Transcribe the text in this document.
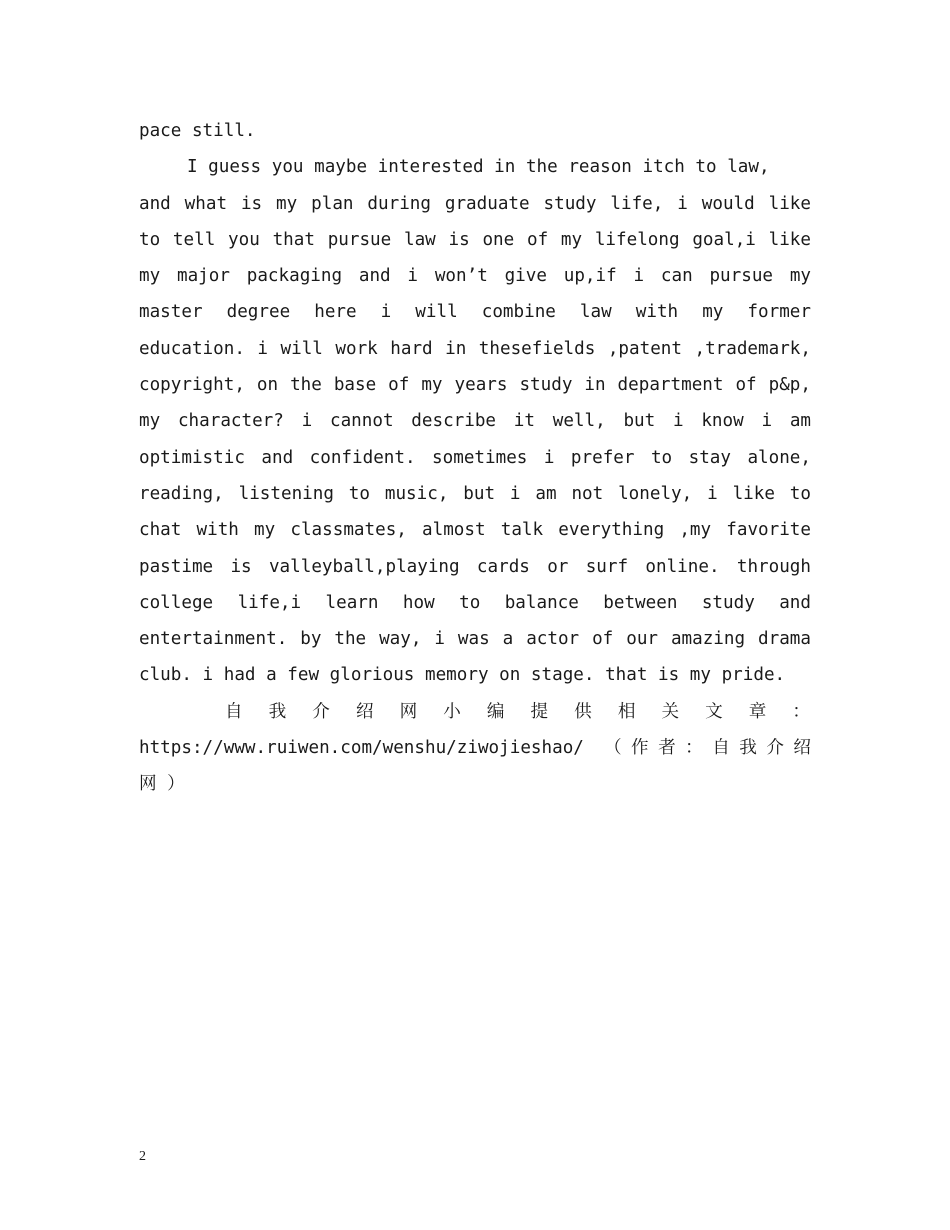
pace still.
I guess you maybe interested in the reason itch to law,
and what is my plan during graduate study life, i would like
to tell you that pursue law is one of my lifelong goal,i like
my major packaging and i won’t give up,if i can pursue my
master degree here i will combine law with my former
education. i will work hard in thesefields ,patent ,trademark,
copyright, on the base of my years study in department of p&p,
my character? i cannot describe it well, but i know i am
optimistic and confident. sometimes i prefer to stay alone,
reading, listening to music, but i am not lonely, i like to
chat with my classmates, almost talk everything ,my favorite
pastime is valleyball,playing cards or surf online. through
college life,i learn how to balance between study and
entertainment. by the way, i was a actor of our amazing drama
club. i had a few glorious memory on stage. that is my pride.
自 我 介 绍 网 小 编 提 供 相 关 文 章 ：
https://www.ruiwen.com/wenshu/ziwojieshao/ （作者：自我介绍
网 ）
2
